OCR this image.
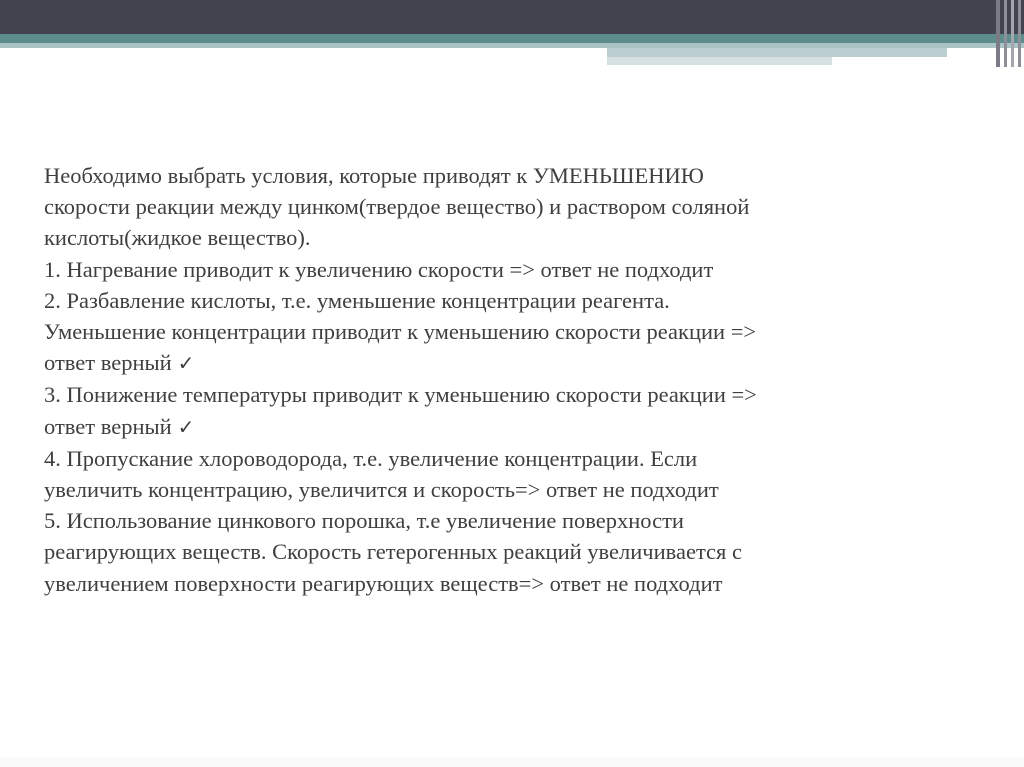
Необходимо выбрать условия, которые приводят к УМЕНЬШЕНИЮ
скорости реакции между цинком(твердое вещество) и раствором соляной
кислоты(жидкое вещество).
1. Нагревание приводит к увеличению скорости => ответ не подходит
2. Разбавление кислоты, т.е. уменьшение концентрации реагента.
Уменьшение концентрации приводит к уменьшению скорости реакции =>
ответ верный ✓
3. Понижение температуры приводит к уменьшению скорости реакции =>
ответ верный ✓
4. Пропускание хлороводорода, т.е. увеличение концентрации. Если
увеличить концентрацию, увеличится и скорость=> ответ не подходит
5. Использование цинкового порошка, т.е увеличение поверхности
реагирующих веществ. Скорость гетерогенных реакций увеличивается с
увеличением поверхности реагирующих веществ=> ответ не подходит
